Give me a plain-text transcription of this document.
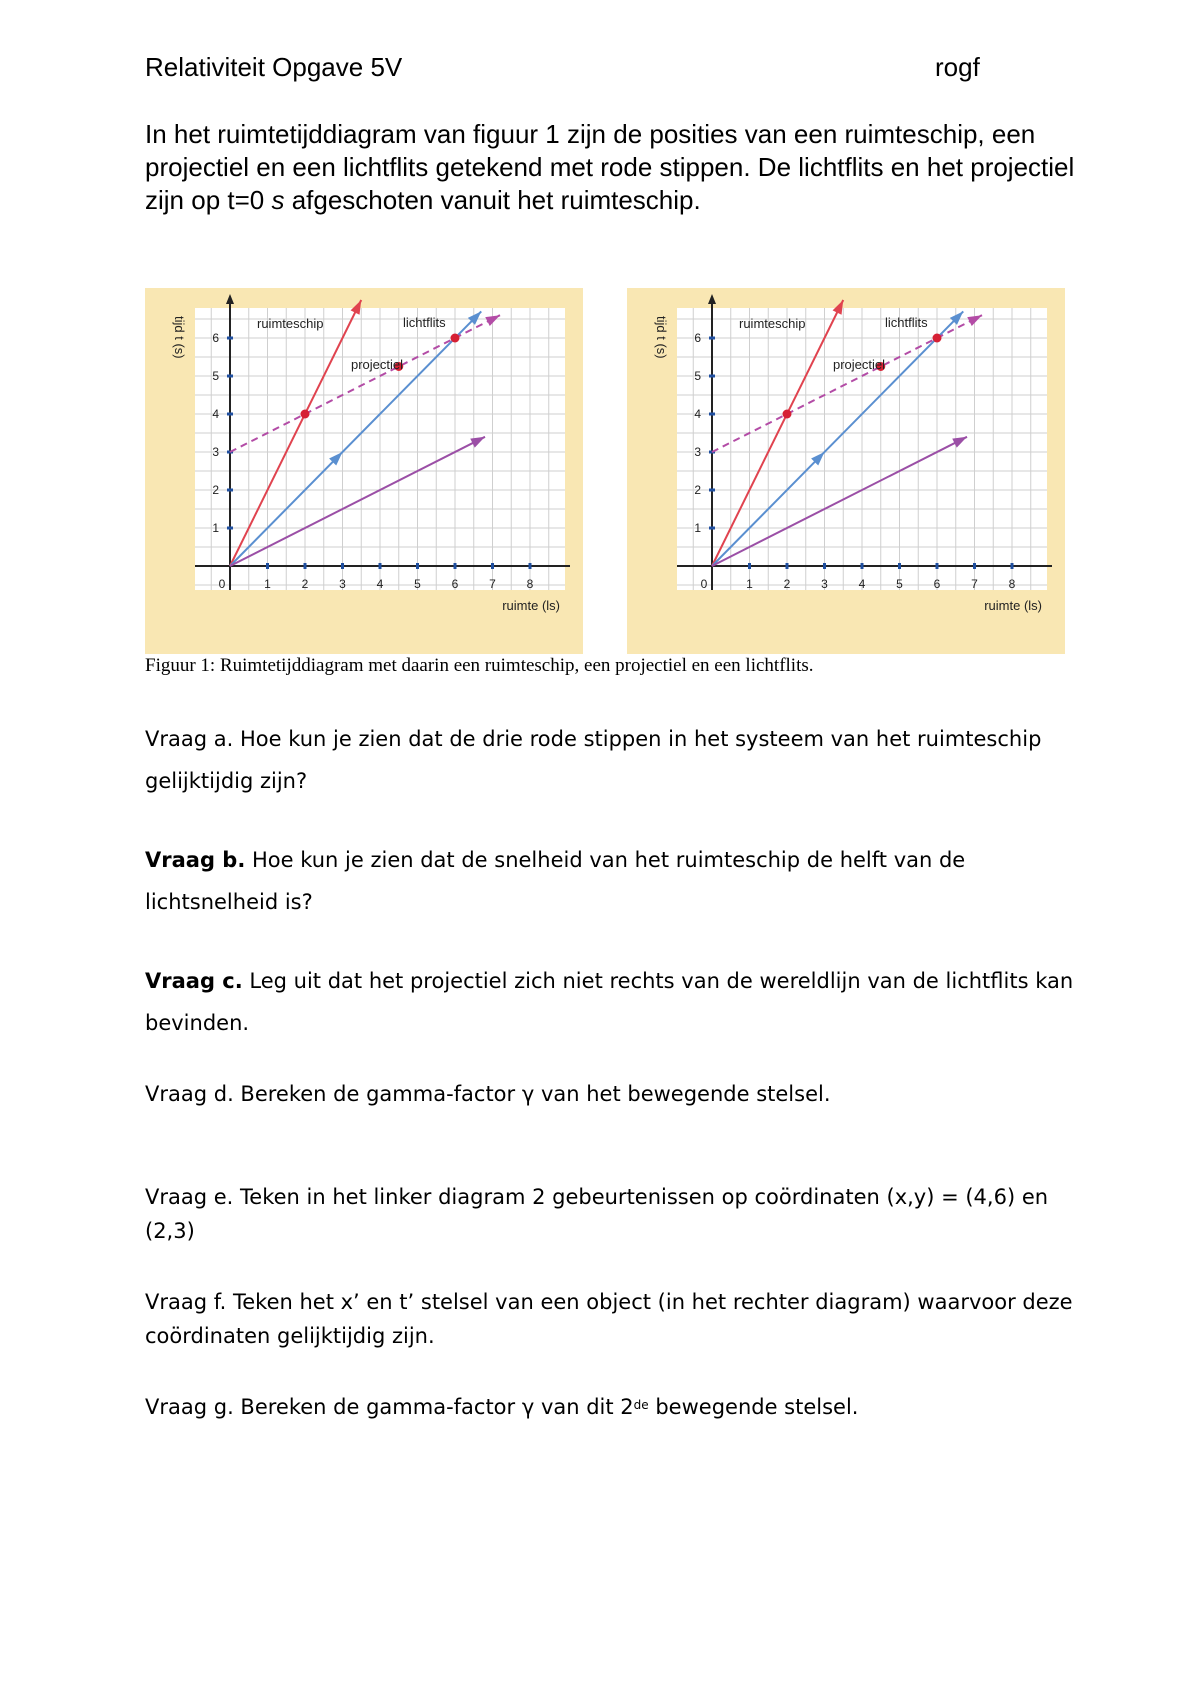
Relativiteit Opgave 5V	rogf
In het ruimtetijddiagram van figuur 1 zijn de posities van een ruimteschip, een projectiel en een lichtflits getekend met rode stippen. De lichtflits en het projectiel zijn op t=0 s afgeschoten vanuit het ruimteschip.
0	1	2	3	4	5	6	7	8
1
2
3
4
5
6
ruimte (ls)
tijd t (s)	ruimteschip	lichtflits
projectiel
0	1	2	3	4	5	6	7	8
1
2
3
4
5
6
ruimte (ls)
tijd t (s)	ruimteschip	lichtflits
projectiel
Figuur 1: Ruimtetijddiagram met daarin een ruimteschip, een projectiel en een lichtflits.
Vraag a. Hoe kun je zien dat de drie rode stippen in het systeem van het ruimteschip gelijktijdig zijn?
Vraag b. Hoe kun je zien dat de snelheid van het ruimteschip de helft van de lichtsnelheid is?
Vraag c. Leg uit dat het projectiel zich niet rechts van de wereldlijn van de lichtflits kan bevinden.
Vraag d. Bereken de gamma-factor γ van het bewegende stelsel.
Vraag e. Teken in het linker diagram 2 gebeurtenissen op coördinaten (x,y) = (4,6) en (2,3)
Vraag f. Teken het x’ en t’ stelsel van een object (in het rechter diagram) waarvoor deze coördinaten gelijktijdig zijn.
Vraag g. Bereken de gamma-factor γ van dit 2de bewegende stelsel.
